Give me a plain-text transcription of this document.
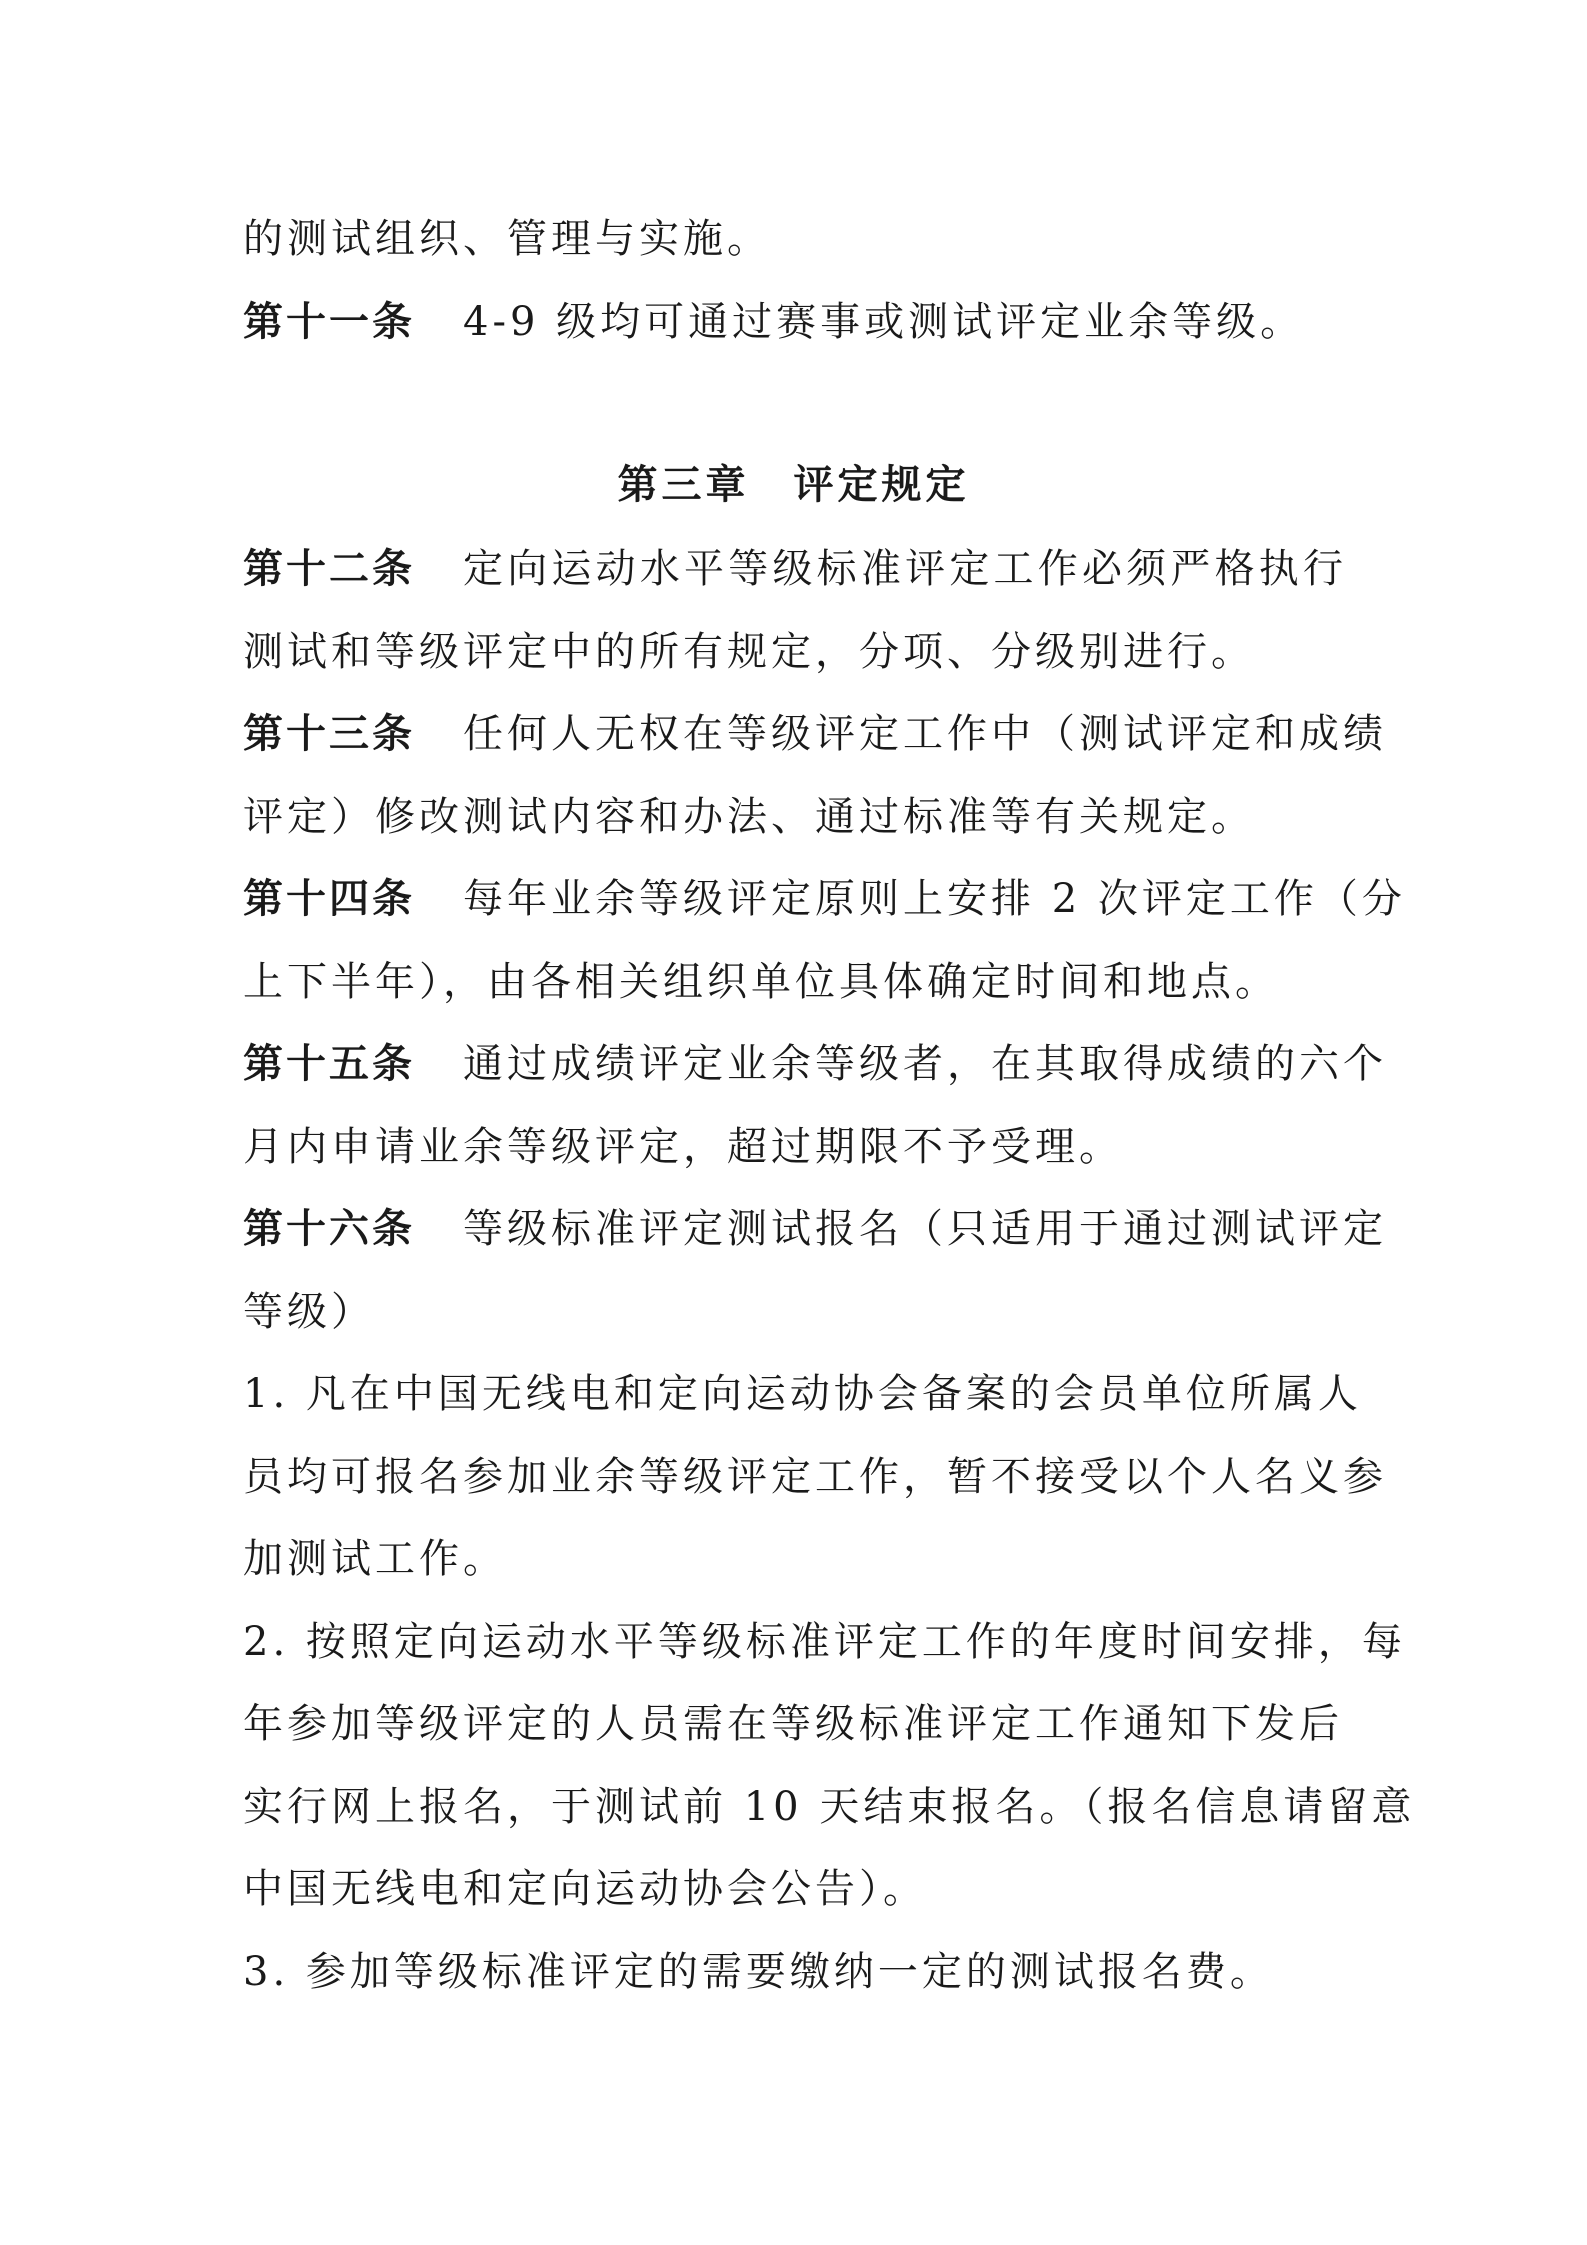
的测试组织、管理与实施。

第十一条 4-9 级均可通过赛事或测试评定业余等级。

第三章　评定规定

第十二条 定向运动水平等级标准评定工作必须严格执行

测试和等级评定中的所有规定，分项、分级别进行。

第十三条 任何人无权在等级评定工作中（测试评定和成绩

评定）修改测试内容和办法、通过标准等有关规定。

第十四条 每年业余等级评定原则上安排 2 次评定工作（分

上下半年），由各相关组织单位具体确定时间和地点。

第十五条 通过成绩评定业余等级者，在其取得成绩的六个

月内申请业余等级评定，超过期限不予受理。

第十六条 等级标准评定测试报名（只适用于通过测试评定

等级）

1. 凡在中国无线电和定向运动协会备案的会员单位所属人

员均可报名参加业余等级评定工作，暂不接受以个人名义参

加测试工作。

2. 按照定向运动水平等级标准评定工作的年度时间安排，每

年参加等级评定的人员需在等级标准评定工作通知下发后

实行网上报名，于测试前 10 天结束报名。（报名信息请留意

中国无线电和定向运动协会公告）。

3. 参加等级标准评定的需要缴纳一定的测试报名费。
